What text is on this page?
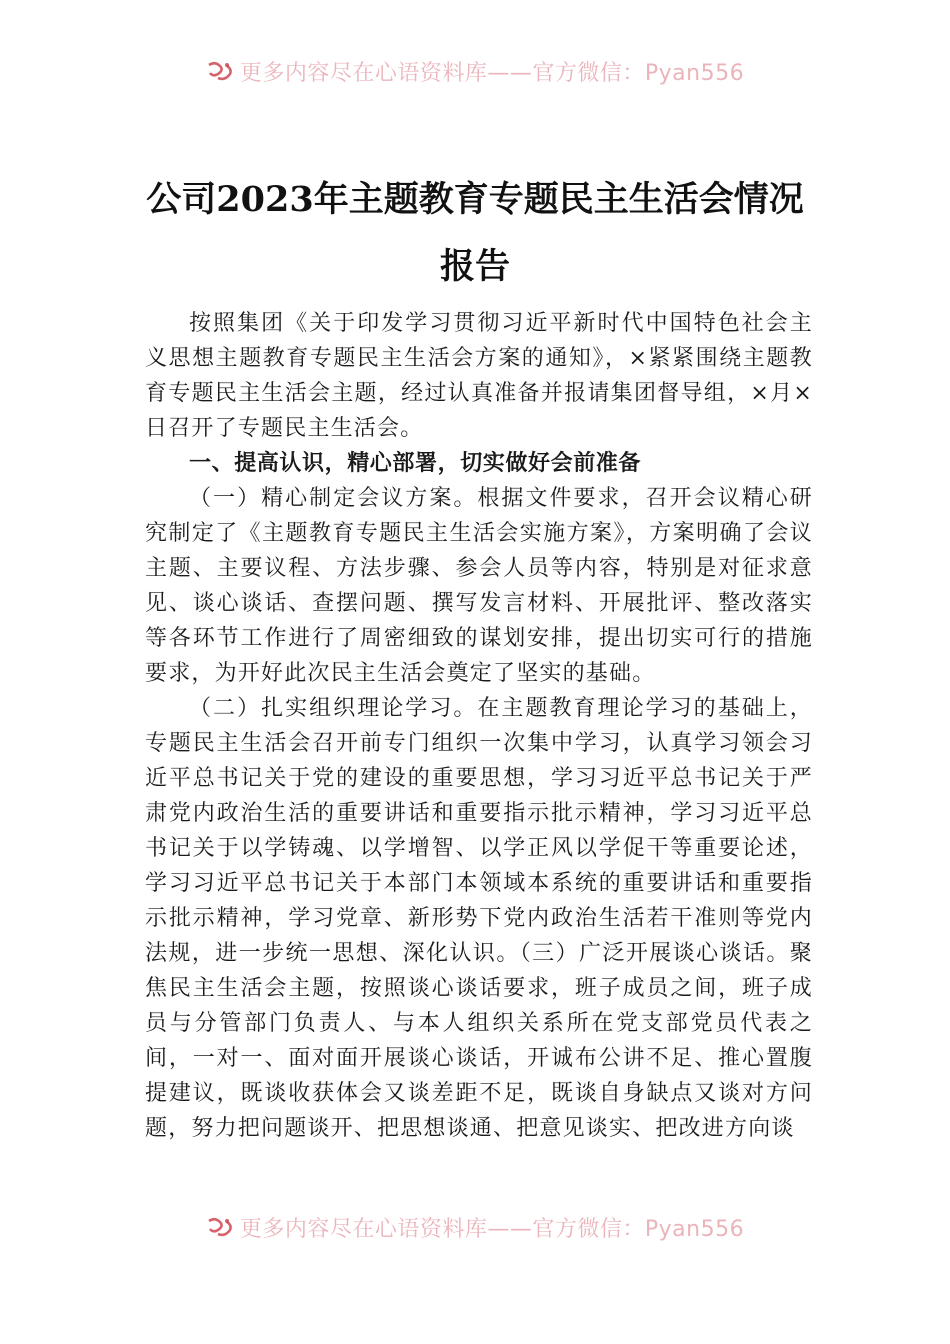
更多内容尽在心语资料库——官方微信：Pyan556
公司2023年主题教育专题民主生活会情况
报告

按照集团《关于印发学习贯彻习近平新时代中国特色社会主义思想主题教育专题民主生活会方案的通知》，×紧紧围绕主题教育专题民主生活会主题，经过认真准备并报请集团督导组，×月×日召开了专题民主生活会。

一、提高认识，精心部署，切实做好会前准备

（一）精心制定会议方案。根据文件要求，召开会议精心研究制定了《主题教育专题民主生活会实施方案》，方案明确了会议主题、主要议程、方法步骤、参会人员等内容，特别是对征求意见、谈心谈话、查摆问题、撰写发言材料、开展批评、整改落实等各环节工作进行了周密细致的谋划安排，提出切实可行的措施要求，为开好此次民主生活会奠定了坚实的基础。

（二）扎实组织理论学习。在主题教育理论学习的基础上，专题民主生活会召开前专门组织一次集中学习，认真学习领会习近平总书记关于党的建设的重要思想，学习习近平总书记关于严肃党内政治生活的重要讲话和重要指示批示精神，学习习近平总书记关于以学铸魂、以学增智、以学正风以学促干等重要论述，学习习近平总书记关于本部门本领域本系统的重要讲话和重要指示批示精神，学习党章、新形势下党内政治生活若干准则等党内法规，进一步统一思想、深化认识。（三）广泛开展谈心谈话。聚焦民主生活会主题，按照谈心谈话要求，班子成员之间，班子成员与分管部门负责人、与本人组织关系所在党支部党员代表之间，一对一、面对面开展谈心谈话，开诚布公讲不足、推心置腹提建议，既谈收获体会又谈差距不足，既谈自身缺点又谈对方问题，努力把问题谈开、把思想谈通、把意见谈实、把改进方向谈

更多内容尽在心语资料库——官方微信：Pyan556
